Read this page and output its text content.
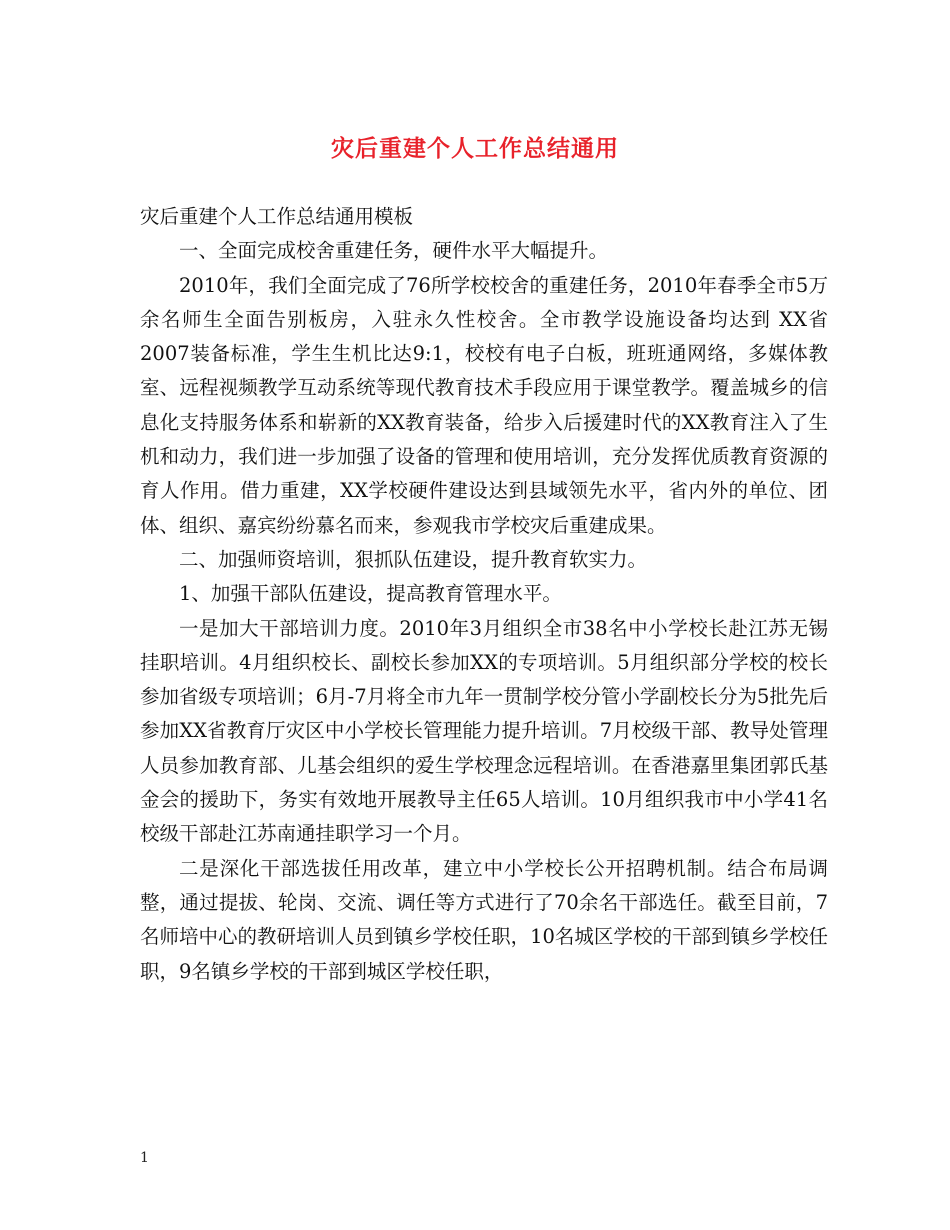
灾后重建个人工作总结通用

灾后重建个人工作总结通用模板

一、全面完成校舍重建任务，硬件水平大幅提升。

2010年，我们全面完成了76所学校校舍的重建任务，2010年春季全市5万余名师生全面告别板房，入驻永久性校舍。全市教学设施设备均达到 XX省 2007装备标准，学生生机比达9:1，校校有电子白板，班班通网络，多媒体教室、远程视频教学互动系统等现代教育技术手段应用于课堂教学。覆盖城乡的信息化支持服务体系和崭新的XX教育装备，给步入后援建时代的XX教育注入了生机和动力，我们进一步加强了设备的管理和使用培训，充分发挥优质教育资源的育人作用。借力重建，XX学校硬件建设达到县域领先水平，省内外的单位、团体、组织、嘉宾纷纷慕名而来，参观我市学校灾后重建成果。

二、加强师资培训，狠抓队伍建设，提升教育软实力。

1、加强干部队伍建设，提高教育管理水平。

一是加大干部培训力度。2010年3月组织全市38名中小学校长赴江苏无锡挂职培训。4月组织校长、副校长参加XX的专项培训。5月组织部分学校的校长参加省级专项培训；6月-7月将全市九年一贯制学校分管小学副校长分为5批先后参加XX省教育厅灾区中小学校长管理能力提升培训。7月校级干部、教导处管理人员参加教育部、儿基会组织的爱生学校理念远程培训。在香港嘉里集团郭氏基金会的援助下，务实有效地开展教导主任65人培训。10月组织我市中小学41名校级干部赴江苏南通挂职学习一个月。

二是深化干部选拔任用改革，建立中小学校长公开招聘机制。结合布局调整，通过提拔、轮岗、交流、调任等方式进行了70余名干部选任。截至目前，7名师培中心的教研培训人员到镇乡学校任职，10名城区学校的干部到镇乡学校任职，9名镇乡学校的干部到城区学校任职，

1
